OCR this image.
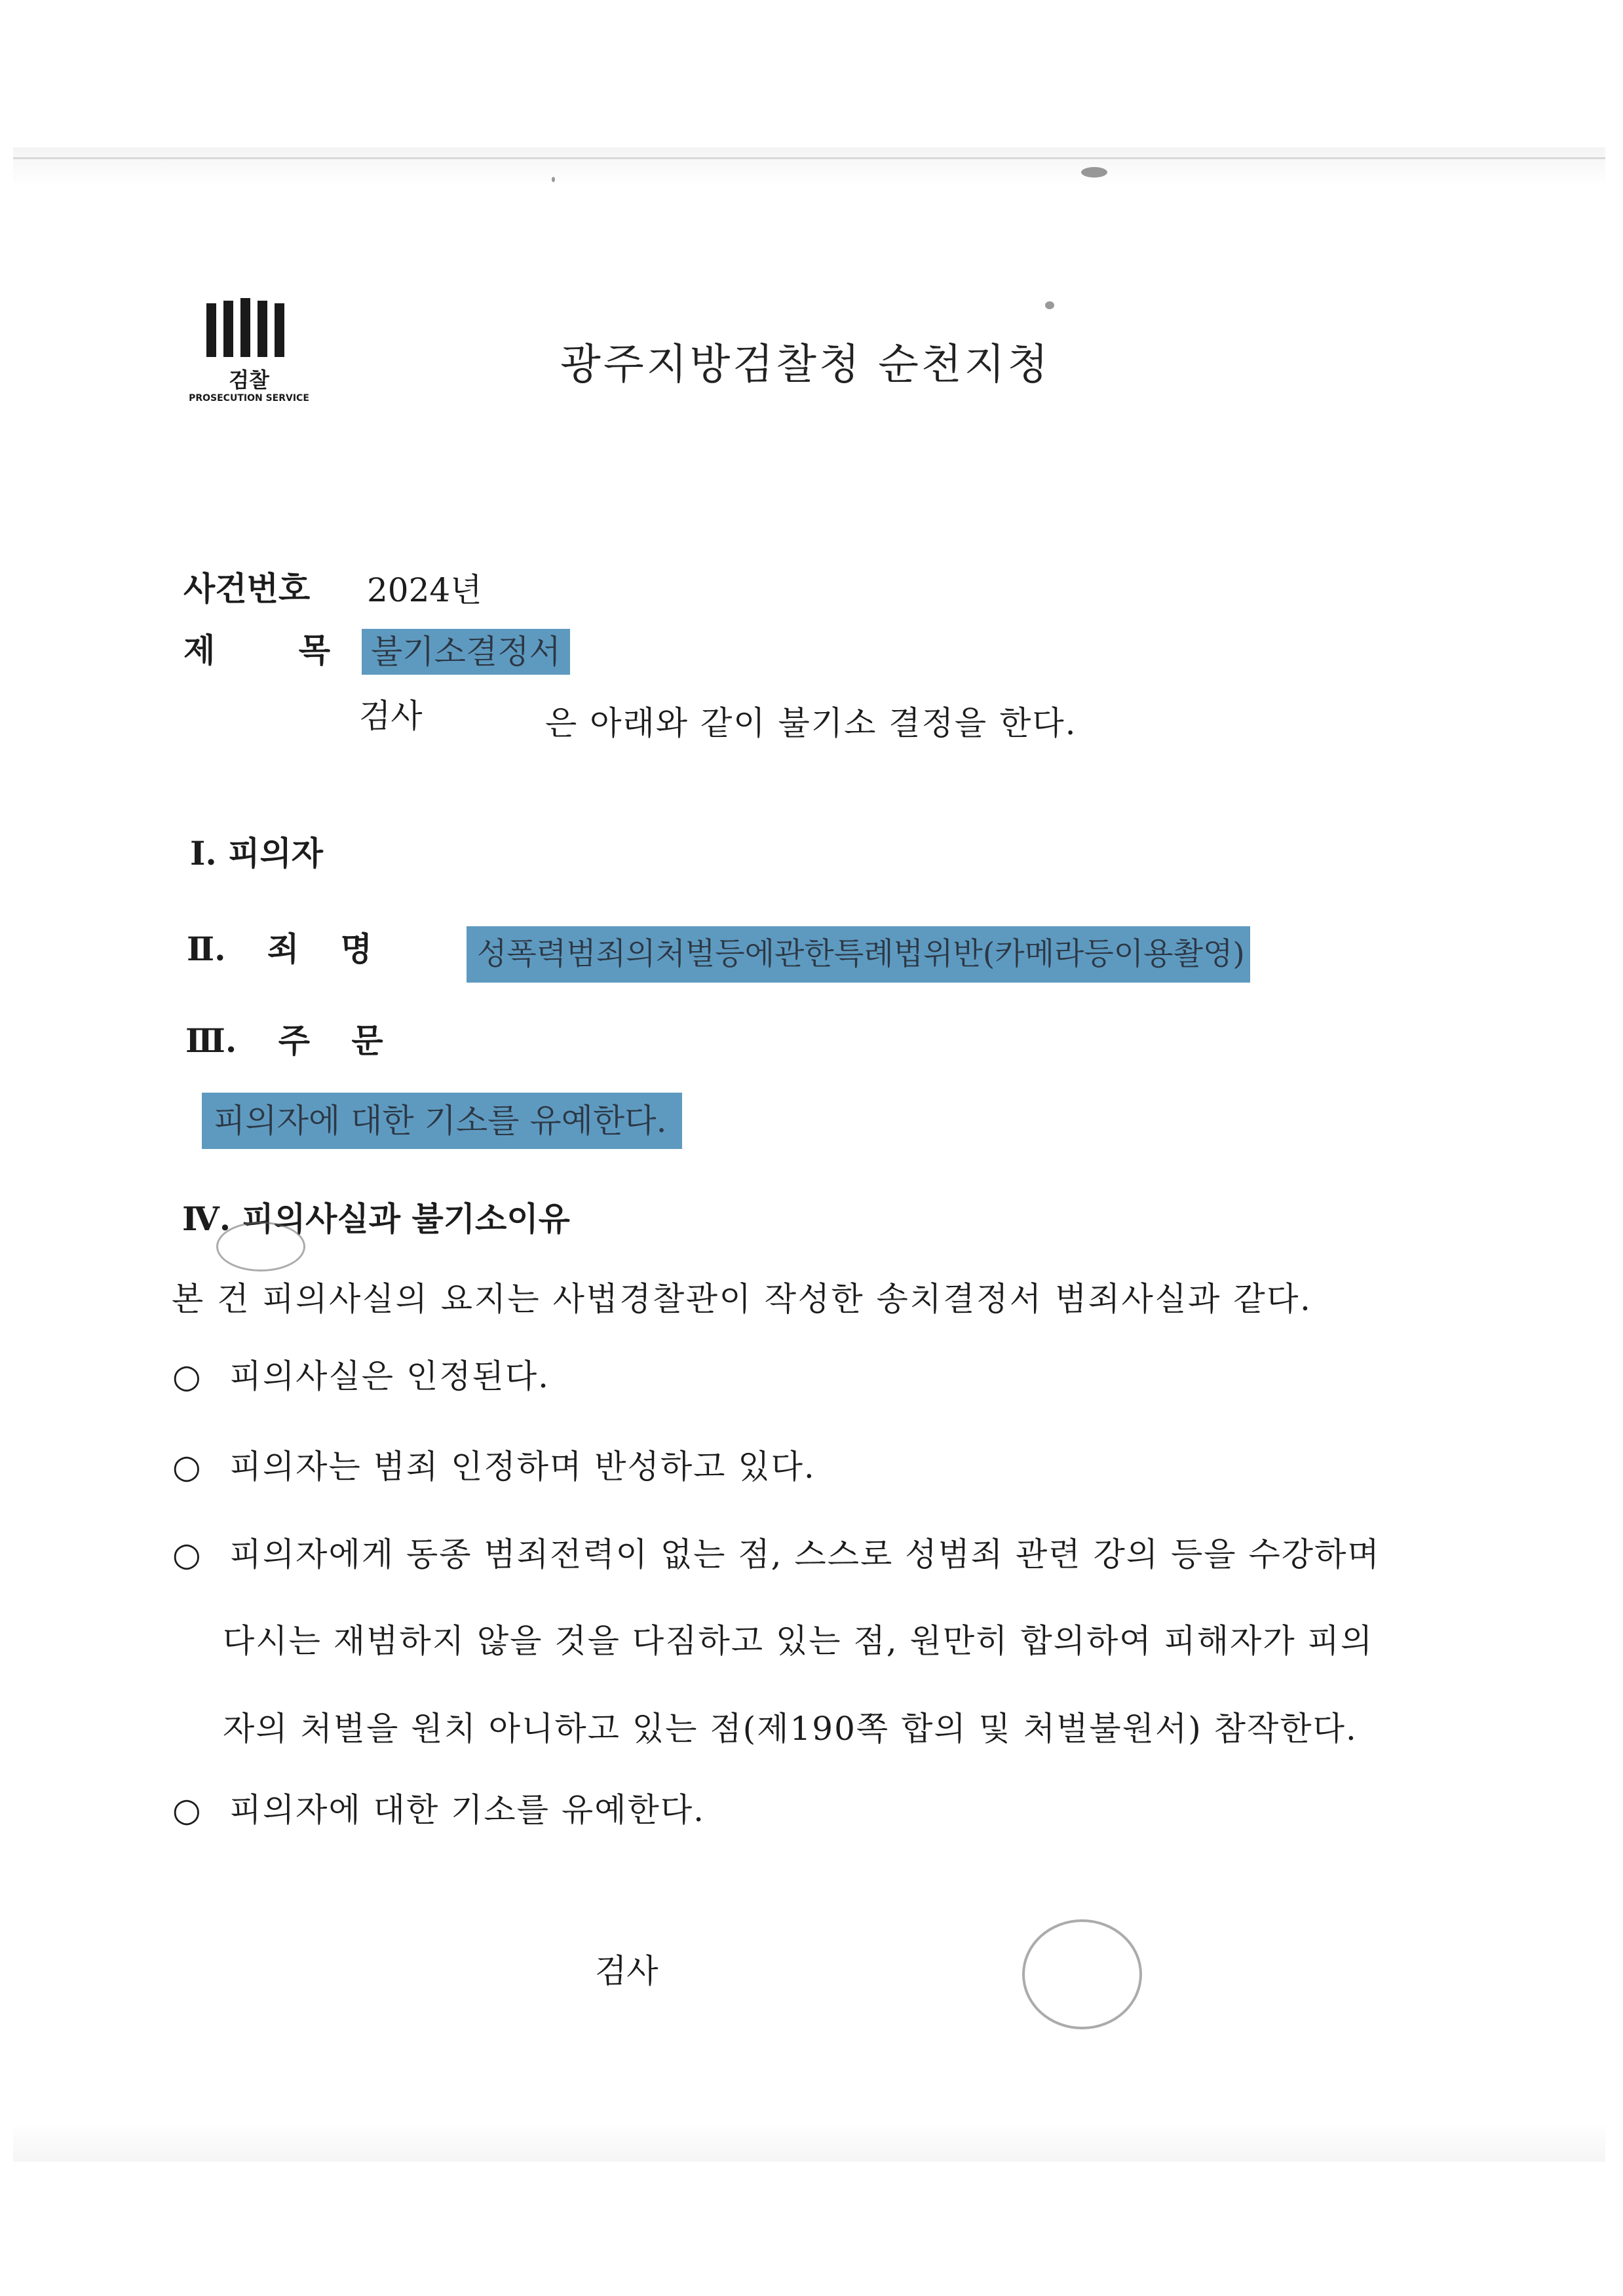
검찰
PROSECUTION SERVICE
광주지방검찰청 순천지청
사건번호 2024년
제 목 불기소결정서
검사	은 아래와 같이 불기소 결정을 한다.
Ⅰ. 피의자
Ⅱ. 죄 명	성폭력범죄의처벌등에관한특례법위반(카메라등이용촬영)
Ⅲ. 주 문
피의자에 대한 기소를 유예한다.
Ⅳ. 피의사실과 불기소이유
본 건 피의사실의 요지는 사법경찰관이 작성한 송치결정서 범죄사실과 같다.
○ 피의사실은 인정된다.
○ 피의자는 범죄 인정하며 반성하고 있다.
○ 피의자에게 동종 범죄전력이 없는 점, 스스로 성범죄 관련 강의 등을 수강하며
다시는 재범하지 않을 것을 다짐하고 있는 점, 원만히 합의하여 피해자가 피의
자의 처벌을 원치 아니하고 있는 점(제190쪽 합의 및 처벌불원서) 참작한다.
○ 피의자에 대한 기소를 유예한다.
검사
